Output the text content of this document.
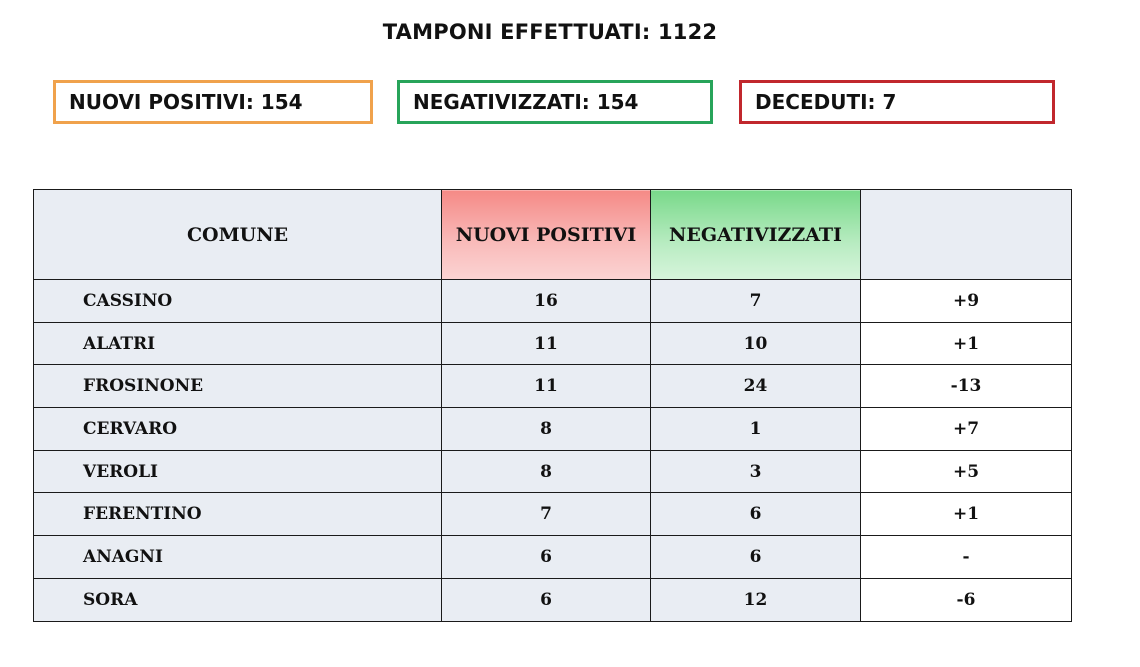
TAMPONI EFFETTUATI: 1122
NUOVI POSITIVI: 154	NEGATIVIZZATI: 154	DECEDUTI: 7
COMUNE	NUOVI POSITIVI	NEGATIVIZZATI	
CASSINO	16	7	+9
ALATRI	11	10	+1
FROSINONE	11	24	-13
CERVARO	8	1	+7
VEROLI	8	3	+5
FERENTINO	7	6	+1
ANAGNI	6	6	-
SORA	6	12	-6
